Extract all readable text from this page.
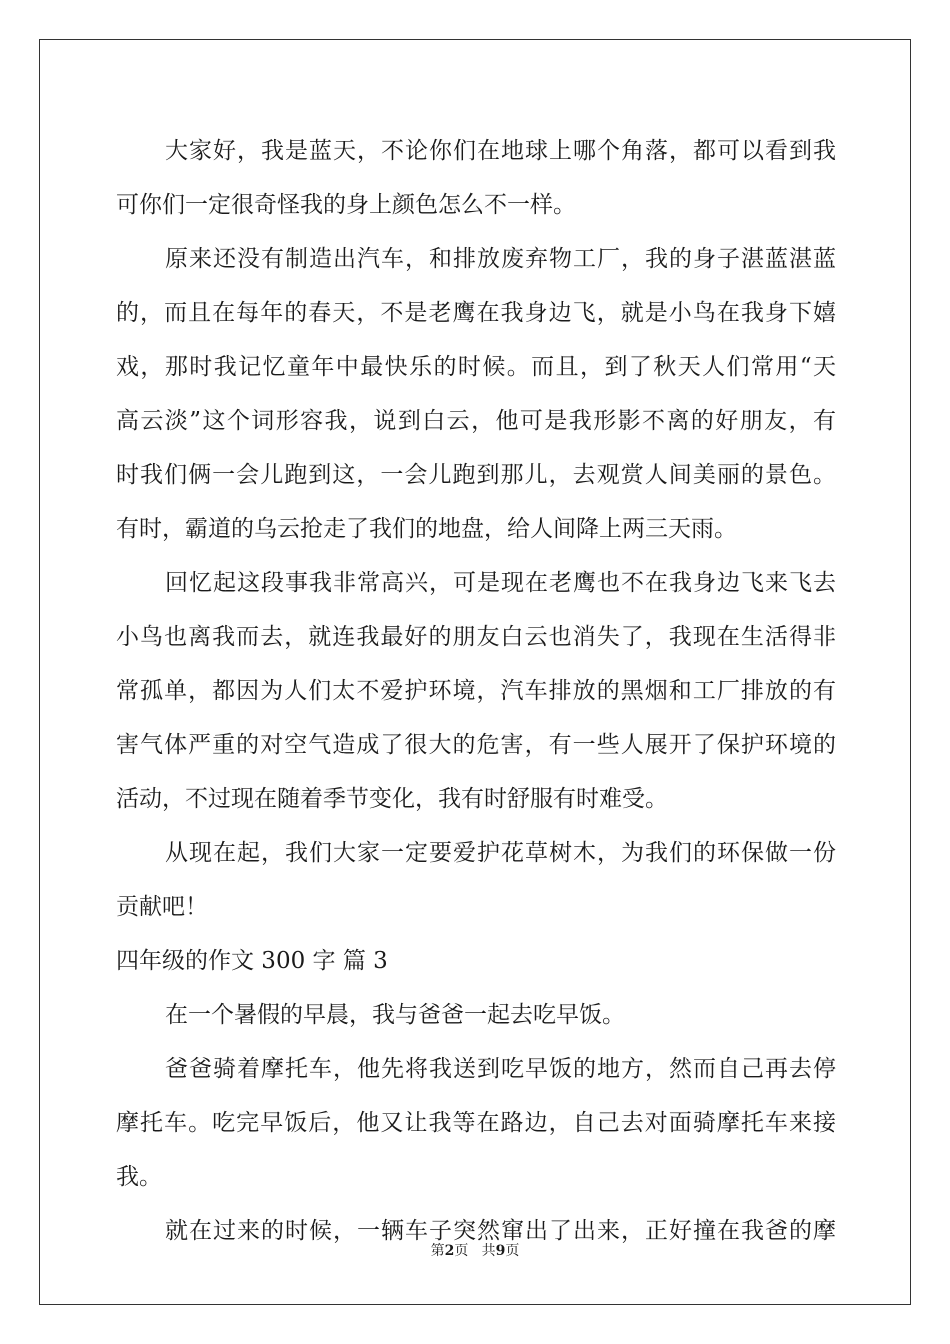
大家好，我是蓝天，不论你们在地球上哪个角落，都可以看到我
可你们一定很奇怪我的身上颜色怎么不一样。
原来还没有制造出汽车，和排放废弃物工厂，我的身子湛蓝湛蓝
的，而且在每年的春天，不是老鹰在我身边飞，就是小鸟在我身下嬉
戏，那时我记忆童年中最快乐的时候。而且，到了秋天人们常用“天
高云淡”这个词形容我，说到白云，他可是我形影不离的好朋友，有
时我们俩一会儿跑到这，一会儿跑到那儿，去观赏人间美丽的景色。
有时，霸道的乌云抢走了我们的地盘，给人间降上两三天雨。
回忆起这段事我非常高兴，可是现在老鹰也不在我身边飞来飞去
小鸟也离我而去，就连我最好的朋友白云也消失了，我现在生活得非
常孤单，都因为人们太不爱护环境，汽车排放的黑烟和工厂排放的有
害气体严重的对空气造成了很大的危害，有一些人展开了保护环境的
活动，不过现在随着季节变化，我有时舒服有时难受。
从现在起，我们大家一定要爱护花草树木，为我们的环保做一份
贡献吧！
四年级的作文 300 字 篇 3
在一个暑假的早晨，我与爸爸一起去吃早饭。
爸爸骑着摩托车，他先将我送到吃早饭的地方，然而自己再去停
摩托车。吃完早饭后，他又让我等在路边，自己去对面骑摩托车来接
我。
就在过来的时候，一辆车子突然窜出了出来，正好撞在我爸的摩
第2页 共9页
